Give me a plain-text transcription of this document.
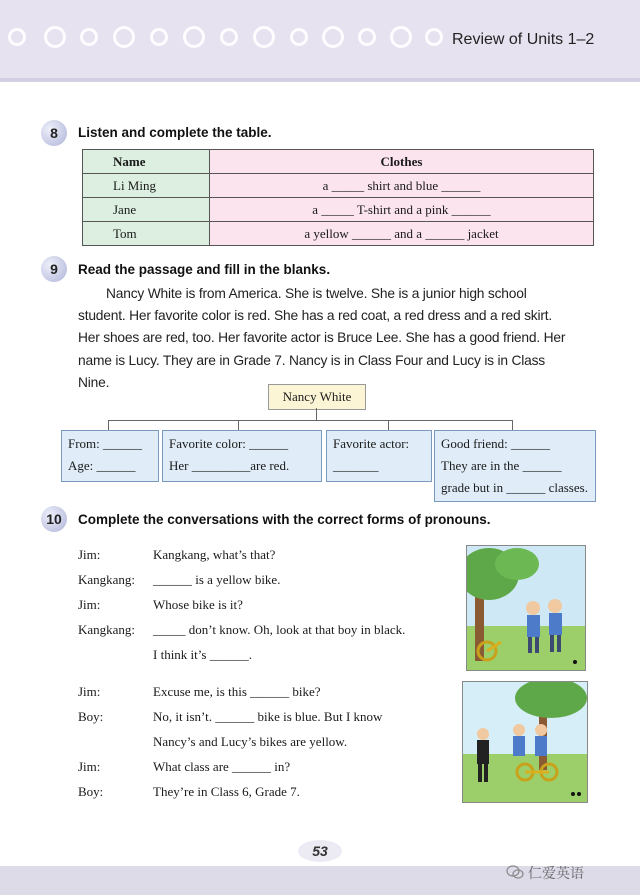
Review of Units 1–2
8	Listen and complete the table.
Name	Clothes
Li Ming	a _____ shirt and blue ______
Jane	a _____ T-shirt and a pink ______
Tom	a yellow ______ and a ______ jacket
9	Read the passage and fill in the blanks.

Nancy White is from America. She is twelve. She is a junior high school student. Her favorite color is red. She has a red coat, a red dress and a red skirt. Her shoes are red, too. Her favorite actor is Bruce Lee. She has a good friend. Her name is Lucy. They are in Grade 7. Nancy is in Class Four and Lucy is in Class Nine.

Nancy White
From: ______
Age: ______
Favorite color: ______
Her _________are red.
Favorite actor:
_______
Good friend: ______
They are in the ______
grade but in ______ classes.
10	Complete the conversations with the correct forms of pronouns.
Jim:	Kangkang, what’s that?
Kangkang: ______ is a yellow bike.
Jim:	Whose bike is it?
Kangkang: _____ don’t know. Oh, look at that boy in black.
I think it’s ______.
Jim:	Excuse me, is this ______ bike?
Boy:	No, it isn’t. ______ bike is blue. But I know
Nancy’s and Lucy’s bikes are yellow.
Jim:	What class are ______ in?
Boy:	They’re in Class 6, Grade 7.
53
仁爱英语
